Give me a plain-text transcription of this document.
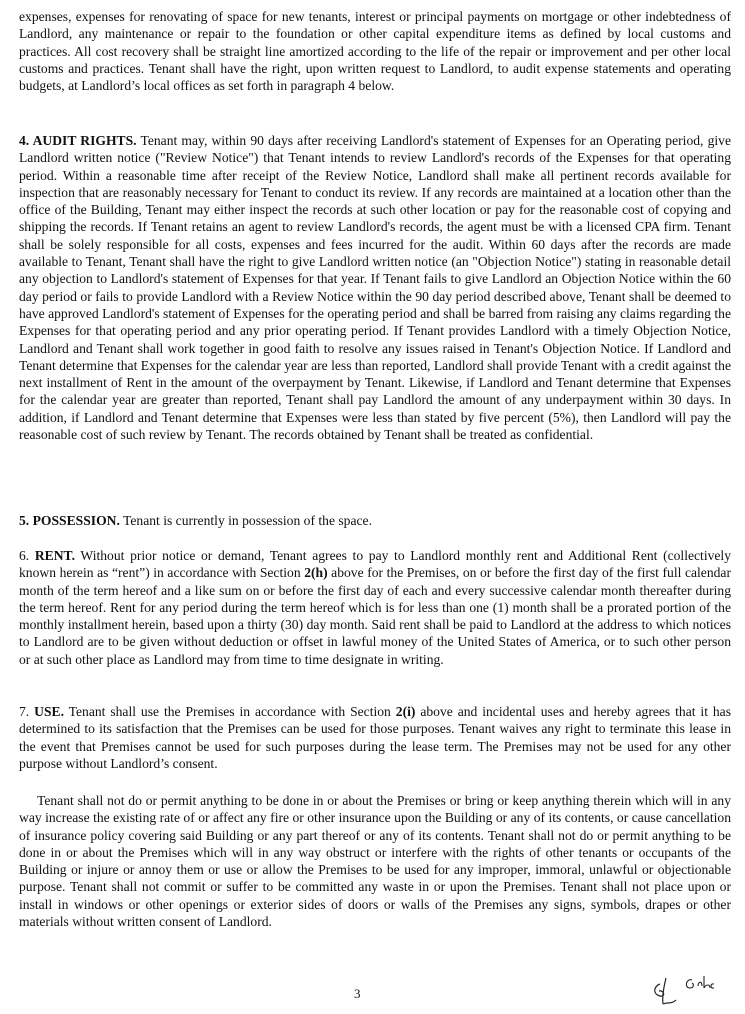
expenses, expenses for renovating of space for new tenants, interest or principal payments on mortgage or other indebtedness of Landlord, any maintenance or repair to the foundation or other capital expenditure items as defined by local customs and practices. All cost recovery shall be straight line amortized according to the life of the repair or improvement and per other local customs and practices. Tenant shall have the right, upon written request to Landlord, to audit expense statements and operating budgets, at Landlord’s local offices as set forth in paragraph 4 below.

4. AUDIT RIGHTS. Tenant may, within 90 days after receiving Landlord's statement of Expenses for an Operating period, give Landlord written notice ("Review Notice") that Tenant intends to review Landlord's records of the Expenses for that operating period. Within a reasonable time after receipt of the Review Notice, Landlord shall make all pertinent records available for inspection that are reasonably necessary for Tenant to conduct its review. If any records are maintained at a location other than the office of the Building, Tenant may either inspect the records at such other location or pay for the reasonable cost of copying and shipping the records. If Tenant retains an agent to review Landlord's records, the agent must be with a licensed CPA firm. Tenant shall be solely responsible for all costs, expenses and fees incurred for the audit. Within 60 days after the records are made available to Tenant, Tenant shall have the right to give Landlord written notice (an "Objection Notice") stating in reasonable detail any objection to Landlord's statement of Expenses for that year. If Tenant fails to give Landlord an Objection Notice within the 60 day period or fails to provide Landlord with a Review Notice within the 90 day period described above, Tenant shall be deemed to have approved Landlord's statement of Expenses for the operating period and shall be barred from raising any claims regarding the Expenses for that operating period and any prior operating period. If Tenant provides Landlord with a timely Objection Notice, Landlord and Tenant shall work together in good faith to resolve any issues raised in Tenant's Objection Notice. If Landlord and Tenant determine that Expenses for the calendar year are less than reported, Landlord shall provide Tenant with a credit against the next installment of Rent in the amount of the overpayment by Tenant. Likewise, if Landlord and Tenant determine that Expenses for the calendar year are greater than reported, Tenant shall pay Landlord the amount of any underpayment within 30 days. In addition, if Landlord and Tenant determine that Expenses were less than stated by five percent (5%), then Landlord will pay the reasonable cost of such review by Tenant. The records obtained by Tenant shall be treated as confidential.

5. POSSESSION. Tenant is currently in possession of the space.

6. RENT. Without prior notice or demand, Tenant agrees to pay to Landlord monthly rent and Additional Rent (collectively known herein as “rent”) in accordance with Section 2(h) above for the Premises, on or before the first day of the first full calendar month of the term hereof and a like sum on or before the first day of each and every successive calendar month thereafter during the term hereof. Rent for any period during the term hereof which is for less than one (1) month shall be a prorated portion of the monthly installment herein, based upon a thirty (30) day month. Said rent shall be paid to Landlord at the address to which notices to Landlord are to be given without deduction or offset in lawful money of the United States of America, or to such other person or at such other place as Landlord may from time to time designate in writing.

7. USE. Tenant shall use the Premises in accordance with Section 2(i) above and incidental uses and hereby agrees that it has determined to its satisfaction that the Premises can be used for those purposes. Tenant waives any right to terminate this lease in the event that Premises cannot be used for such purposes during the lease term. The Premises may not be used for any other purpose without Landlord’s consent.

Tenant shall not do or permit anything to be done in or about the Premises or bring or keep anything therein which will in any way increase the existing rate of or affect any fire or other insurance upon the Building or any of its contents, or cause cancellation of insurance policy covering said Building or any part thereof or any of its contents. Tenant shall not do or permit anything to be done in or about the Premises which will in any way obstruct or interfere with the rights of other tenants or occupants of the Building or injure or annoy them or use or allow the Premises to be used for any improper, immoral, unlawful or objectionable purpose. Tenant shall not commit or suffer to be committed any waste in or upon the Premises. Tenant shall not place upon or install in windows or other openings or exterior sides of doors or walls of the Premises any signs, symbols, drapes or other materials without written consent of Landlord.

3
